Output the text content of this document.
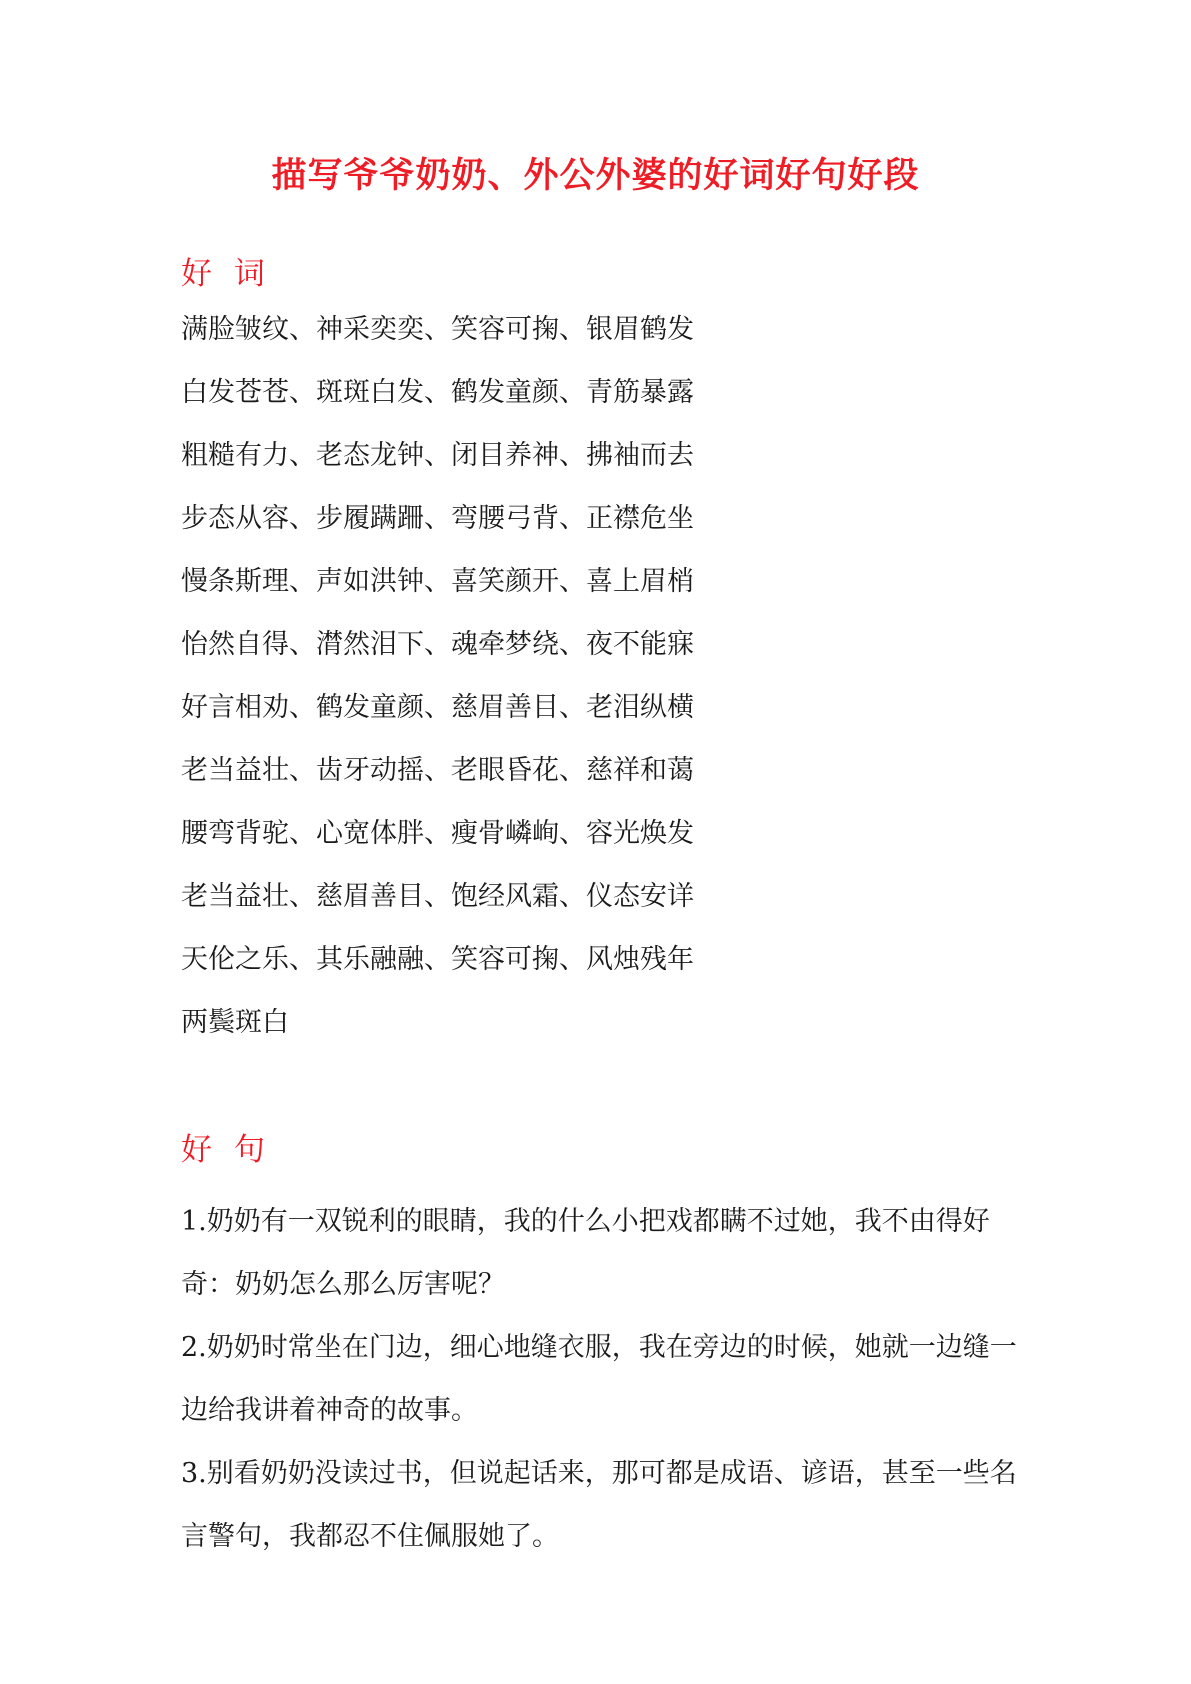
描写爷爷奶奶、外公外婆的好词好句好段
好 词
满脸皱纹、神采奕奕、笑容可掬、银眉鹤发
白发苍苍、斑斑白发、鹤发童颜、青筋暴露
粗糙有力、老态龙钟、闭目养神、拂袖而去
步态从容、步履蹒跚、弯腰弓背、正襟危坐
慢条斯理、声如洪钟、喜笑颜开、喜上眉梢
怡然自得、潸然泪下、魂牵梦绕、夜不能寐
好言相劝、鹤发童颜、慈眉善目、老泪纵横
老当益壮、齿牙动摇、老眼昏花、慈祥和蔼
腰弯背驼、心宽体胖、瘦骨嶙峋、容光焕发
老当益壮、慈眉善目、饱经风霜、仪态安详
天伦之乐、其乐融融、笑容可掬、风烛残年
两鬓斑白
好 句
1.奶奶有一双锐利的眼睛，我的什么小把戏都瞒不过她，我不由得好奇：奶奶怎么那么厉害呢？
2.奶奶时常坐在门边，细心地缝衣服，我在旁边的时候，她就一边缝一边给我讲着神奇的故事。
3.别看奶奶没读过书，但说起话来，那可都是成语、谚语，甚至一些名言警句，我都忍不住佩服她了。
